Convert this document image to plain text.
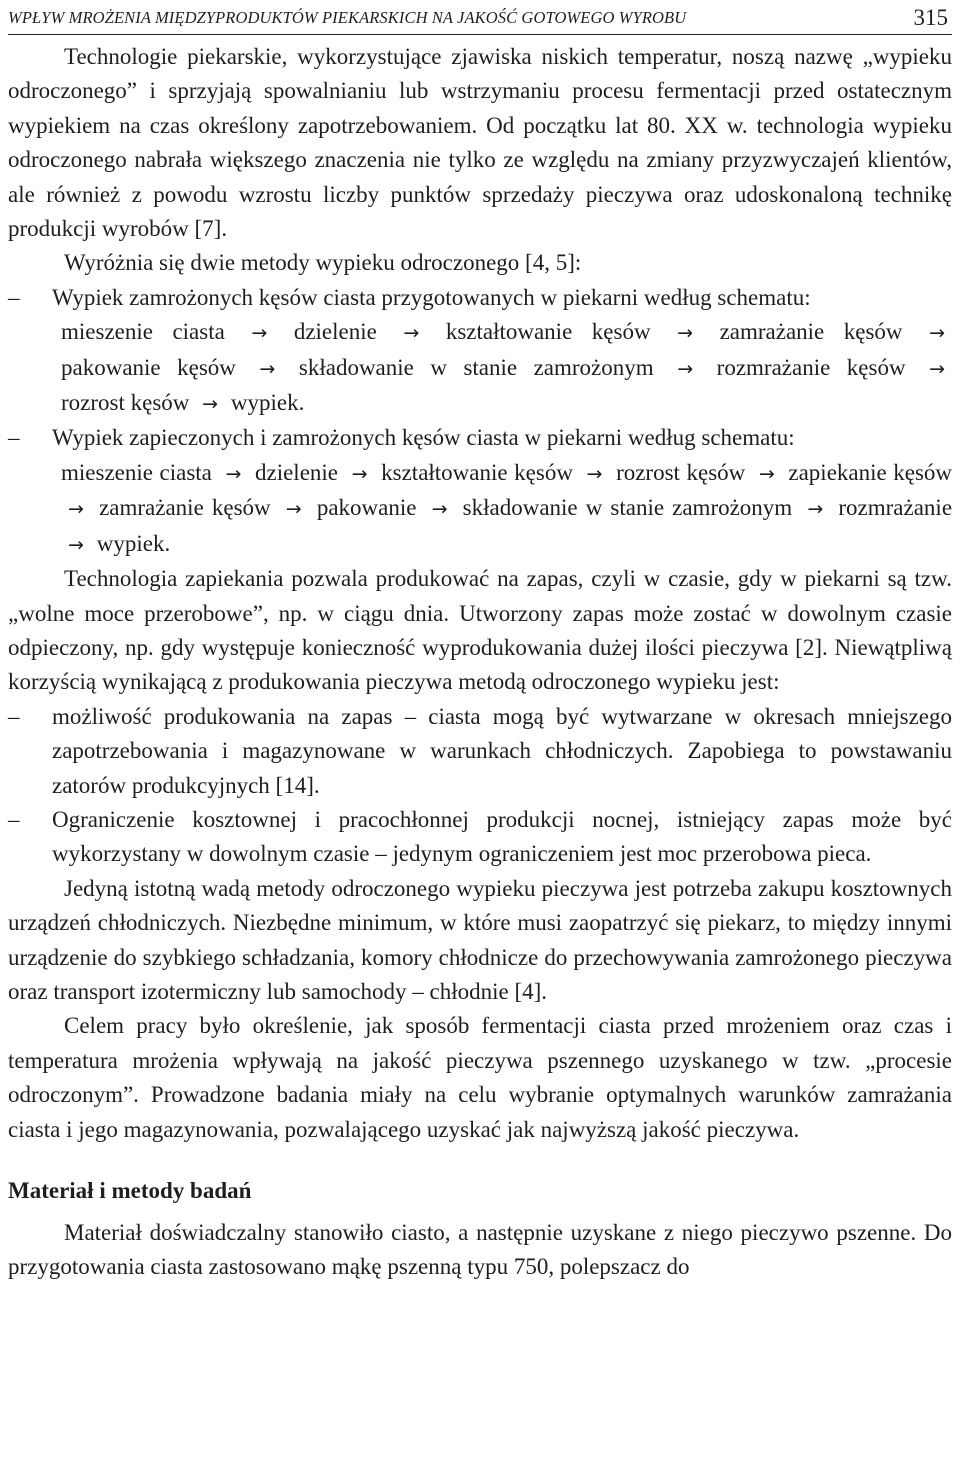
WPŁYW MROŻENIA MIĘDZYPRODUKTÓW PIEKARSKICH NA JAKOŚĆ GOTOWEGO WYROBU	315

Technologie piekarskie, wykorzystujące zjawiska niskich temperatur, noszą nazwę „wypieku odroczonego” i sprzyjają spowalnianiu lub wstrzymaniu procesu fermentacji przed ostatecznym wypiekiem na czas określony zapotrzebowaniem. Od początku lat 80. XX w. technologia wypieku odroczonego nabrała większego znaczenia nie tylko ze względu na zmiany przyzwyczajeń klientów, ale również z powodu wzrostu liczby punktów sprzedaży pieczywa oraz udoskonaloną technikę produkcji wyrobów [7].

Wyróżnia się dwie metody wypieku odroczonego [4, 5]:

–	Wypiek zamrożonych kęsów ciasta przygotowanych w piekarni według schematu:
mieszenie ciasta → dzielenie → kształtowanie kęsów → zamrażanie kęsów → pakowanie kęsów → składowanie w stanie zamrożonym → rozmrażanie kęsów → rozrost kęsów → wypiek.
–	Wypiek zapieczonych i zamrożonych kęsów ciasta w piekarni według schematu:
mieszenie ciasta → dzielenie → kształtowanie kęsów → rozrost kęsów → zapiekanie kęsów → zamrażanie kęsów → pakowanie → składowanie w stanie zamrożonym → rozmrażanie → wypiek.

Technologia zapiekania pozwala produkować na zapas, czyli w czasie, gdy w piekarni są tzw. „wolne moce przerobowe”, np. w ciągu dnia. Utworzony zapas może zostać w dowolnym czasie odpieczony, np. gdy występuje konieczność wyprodukowania dużej ilości pieczywa [2]. Niewątpliwą korzyścią wynikającą z produkowania pieczywa metodą odroczonego wypieku jest:

–	możliwość produkowania na zapas – ciasta mogą być wytwarzane w okresach mniejszego zapotrzebowania i magazynowane w warunkach chłodniczych. Zapobiega to powstawaniu zatorów produkcyjnych [14].
–	Ograniczenie kosztownej i pracochłonnej produkcji nocnej, istniejący zapas może być wykorzystany w dowolnym czasie – jedynym ograniczeniem jest moc przerobowa pieca.

Jedyną istotną wadą metody odroczonego wypieku pieczywa jest potrzeba zakupu kosztownych urządzeń chłodniczych. Niezbędne minimum, w które musi zaopatrzyć się piekarz, to między innymi urządzenie do szybkiego schładzania, komory chłodnicze do przechowywania zamrożonego pieczywa oraz transport izotermiczny lub samochody – chłodnie [4].

Celem pracy było określenie, jak sposób fermentacji ciasta przed mrożeniem oraz czas i temperatura mrożenia wpływają na jakość pieczywa pszennego uzyskanego w tzw. „procesie odroczonym”. Prowadzone badania miały na celu wybranie optymalnych warunków zamrażania ciasta i jego magazynowania, pozwalającego uzyskać jak najwyższą jakość pieczywa.

Materiał i metody badań

Materiał doświadczalny stanowiło ciasto, a następnie uzyskane z niego pieczywo pszenne. Do przygotowania ciasta zastosowano mąkę pszenną typu 750, polepszacz do
